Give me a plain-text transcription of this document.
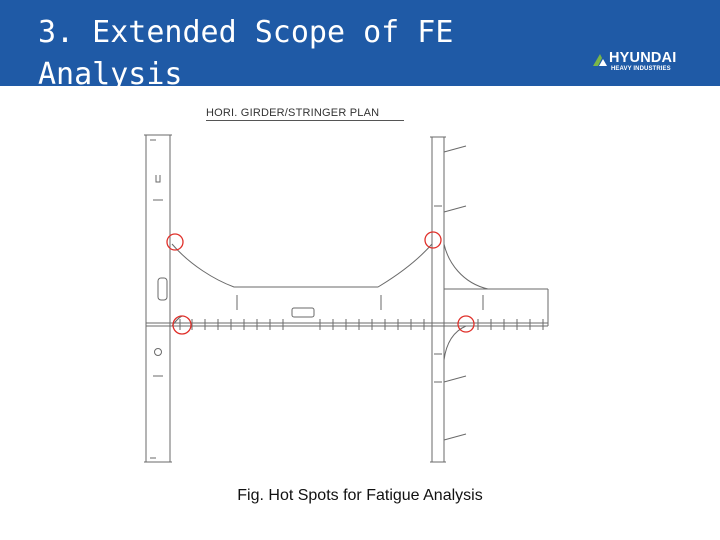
3. Extended Scope of FE Analysis	HYUNDAI
HEAVY INDUSTRIES
HORI. GIRDER/STRINGER PLAN
Fig. Hot Spots for Fatigue Analysis
